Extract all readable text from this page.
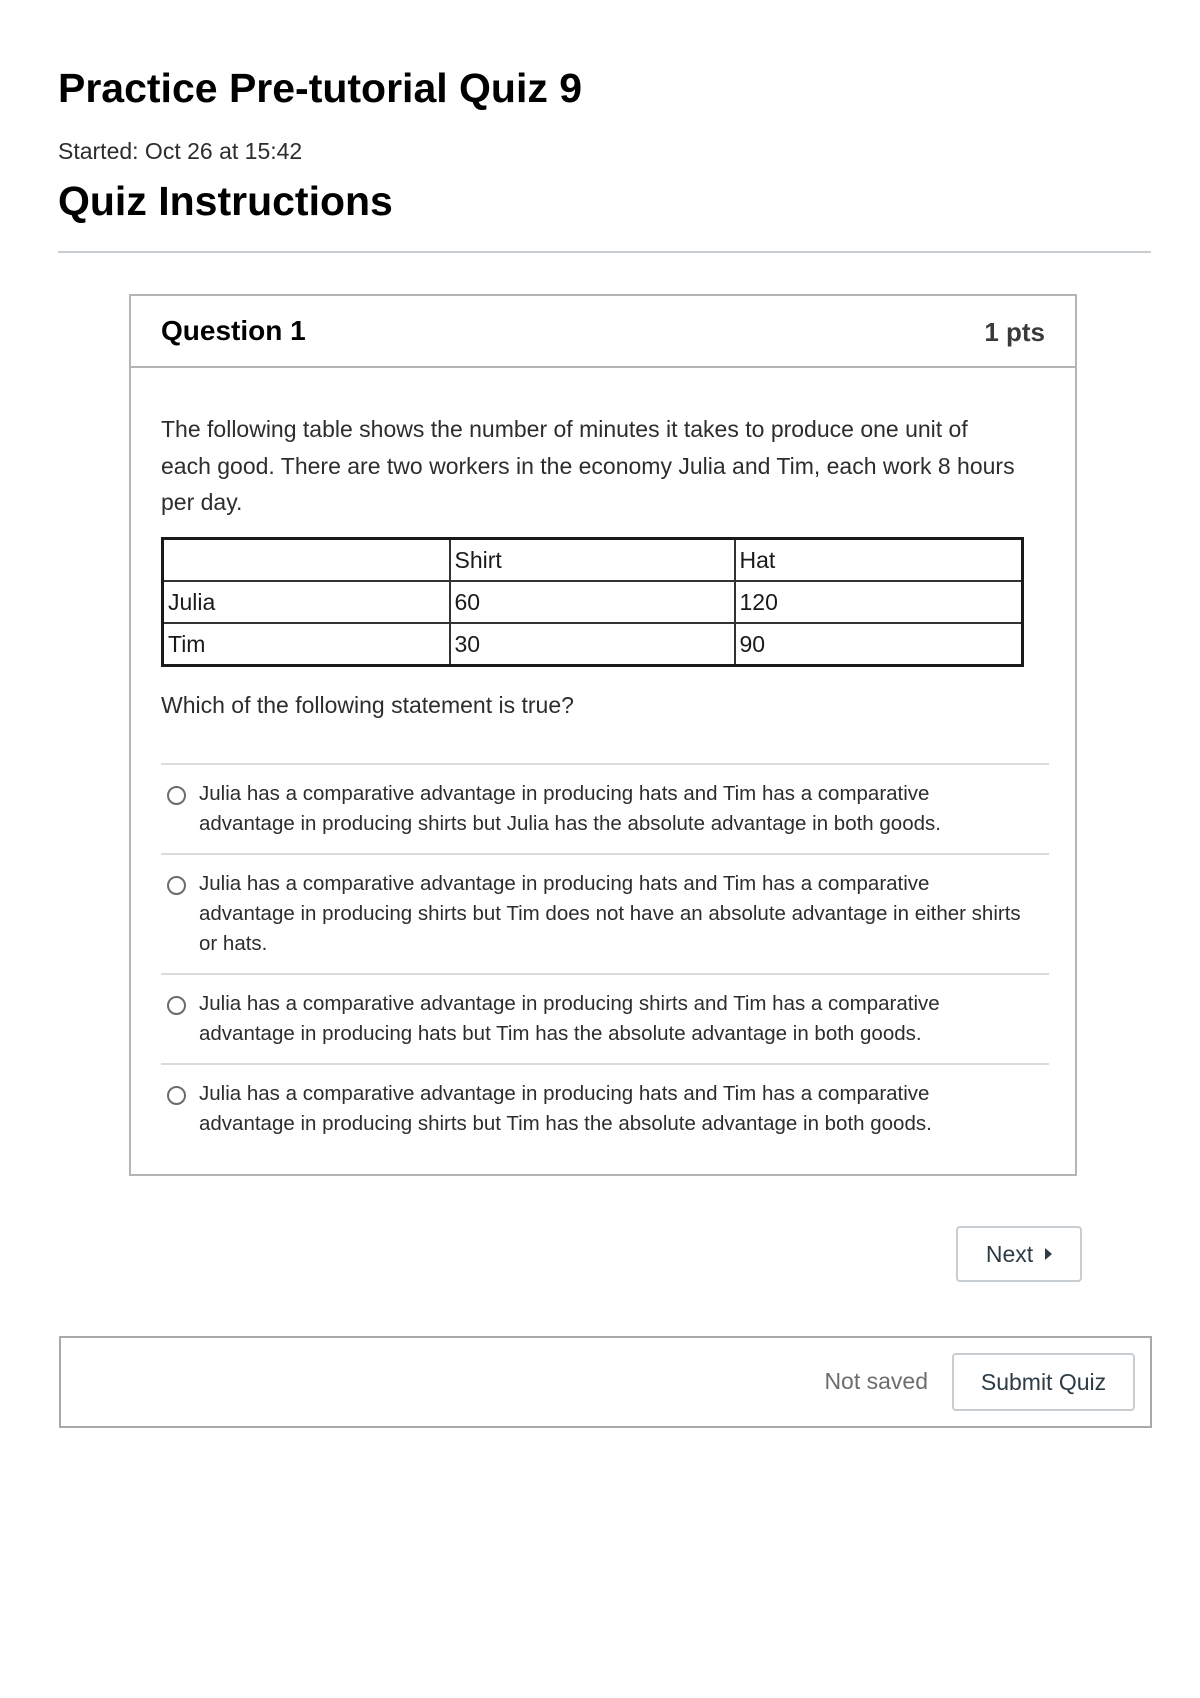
Practice Pre-tutorial Quiz 9
Started: Oct 26 at 15:42
Quiz Instructions
Question 1	1 pts
The following table shows the number of minutes it takes to produce one unit of each good. There are two workers in the economy Julia and Tim, each work 8 hours per day.
	Shirt	Hat
Julia	60	120
Tim	30	90
Which of the following statement is true?
Julia has a comparative advantage in producing hats and Tim has a comparative advantage in producing shirts but Julia has the absolute advantage in both goods.
Julia has a comparative advantage in producing hats and Tim has a comparative advantage in producing shirts but Tim does not have an absolute advantage in either shirts or hats.
Julia has a comparative advantage in producing shirts and Tim has a comparative advantage in producing hats but Tim has the absolute advantage in both goods.
Julia has a comparative advantage in producing hats and Tim has a comparative advantage in producing shirts but Tim has the absolute advantage in both goods.
Next
Not saved	Submit Quiz
